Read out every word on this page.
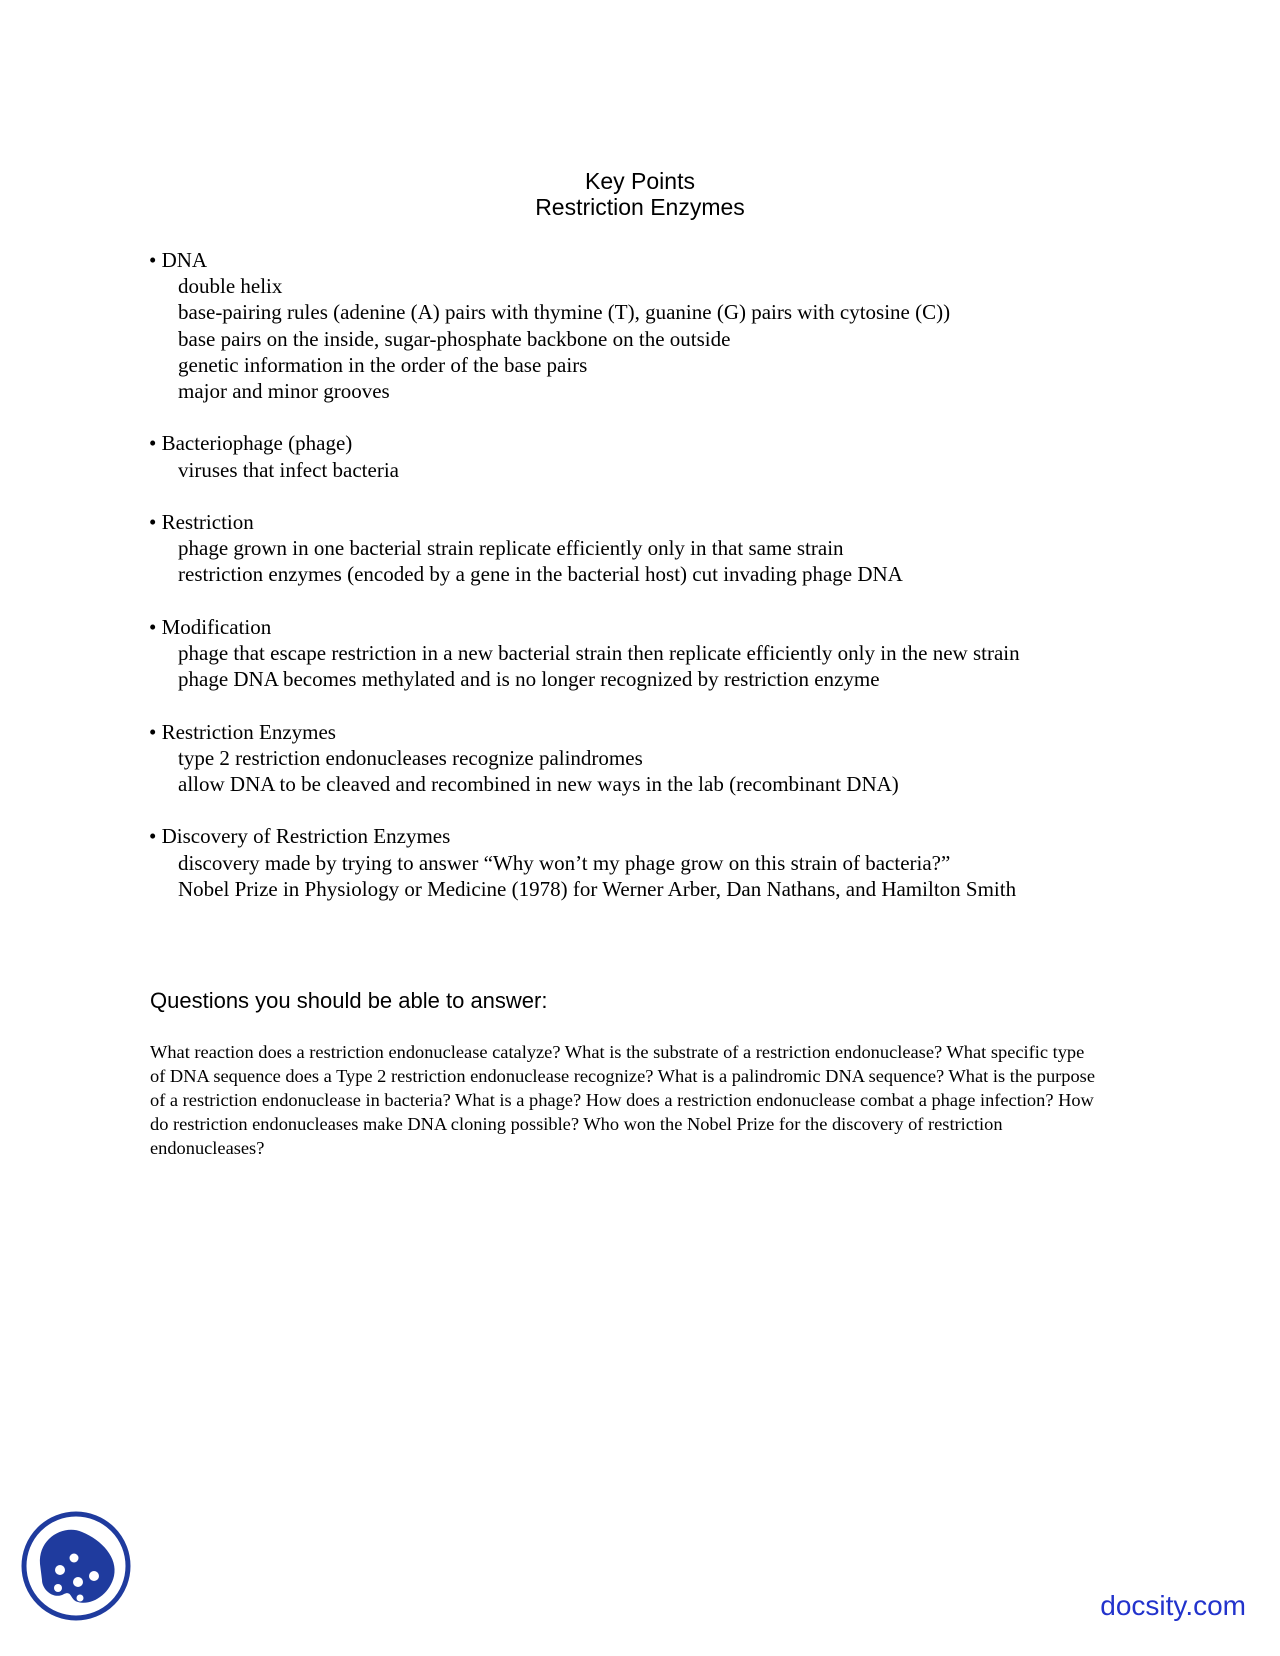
Key Points
Restriction Enzymes
• DNA
double helix
base-pairing rules (adenine (A) pairs with thymine (T), guanine (G) pairs with cytosine (C))
base pairs on the inside, sugar-phosphate backbone on the outside
genetic information in the order of the base pairs
major and minor grooves
• Bacteriophage (phage)
viruses that infect bacteria
• Restriction
phage grown in one bacterial strain replicate efficiently only in that same strain
restriction enzymes (encoded by a gene in the bacterial host) cut invading phage DNA
• Modification
phage that escape restriction in a new bacterial strain then replicate efficiently only in the new strain
phage DNA becomes methylated and is no longer recognized by restriction enzyme
• Restriction Enzymes
type 2 restriction endonucleases recognize palindromes
allow DNA to be cleaved and recombined in new ways in the lab (recombinant DNA)
• Discovery of Restriction Enzymes
discovery made by trying to answer “Why won’t my phage grow on this strain of bacteria?”
Nobel Prize in Physiology or Medicine (1978) for Werner Arber, Dan Nathans, and Hamilton Smith
Questions you should be able to answer:
What reaction does a restriction endonuclease catalyze? What is the substrate of a restriction endonuclease? What specific type of DNA sequence does a Type 2 restriction endonuclease recognize? What is a palindromic DNA sequence? What is the purpose of a restriction endonuclease in bacteria? What is a phage? How does a restriction endonuclease combat a phage infection? How do restriction endonucleases make DNA cloning possible? Who won the Nobel Prize for the discovery of restriction endonucleases?
docsity.com
